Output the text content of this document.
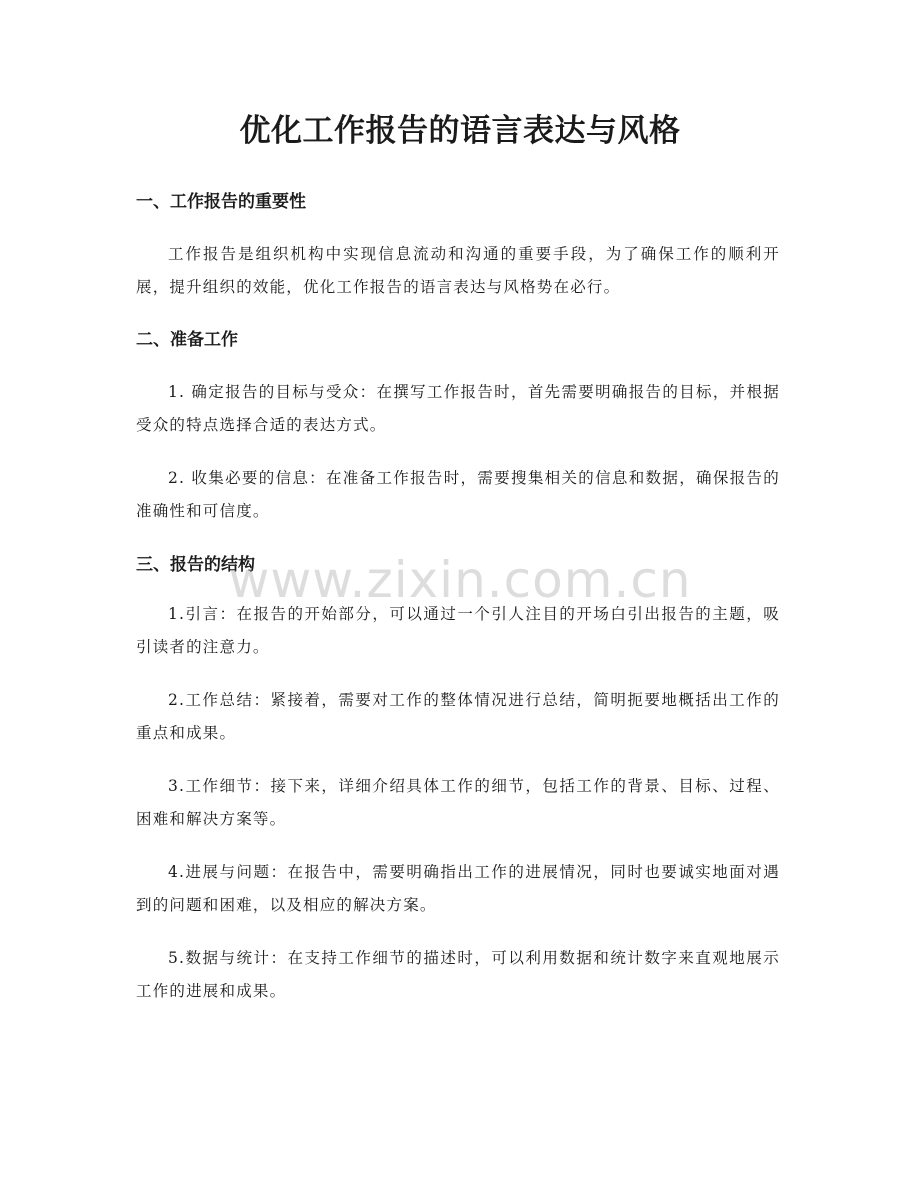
优化工作报告的语言表达与风格
一、工作报告的重要性

工作报告是组织机构中实现信息流动和沟通的重要手段，为了确保工作的顺利开展，提升组织的效能，优化工作报告的语言表达与风格势在必行。

二、准备工作

1. 确定报告的目标与受众：在撰写工作报告时，首先需要明确报告的目标，并根据受众的特点选择合适的表达方式。

2. 收集必要的信息：在准备工作报告时，需要搜集相关的信息和数据，确保报告的准确性和可信度。

三、报告的结构

1.引言：在报告的开始部分，可以通过一个引人注目的开场白引出报告的主题，吸引读者的注意力。

2.工作总结：紧接着，需要对工作的整体情况进行总结，简明扼要地概括出工作的重点和成果。

3.工作细节：接下来，详细介绍具体工作的细节，包括工作的背景、目标、过程、困难和解决方案等。

4.进展与问题：在报告中，需要明确指出工作的进展情况，同时也要诚实地面对遇到的问题和困难，以及相应的解决方案。

5.数据与统计：在支持工作细节的描述时，可以利用数据和统计数字来直观地展示工作的进展和成果。

www.zixin.com.cn
